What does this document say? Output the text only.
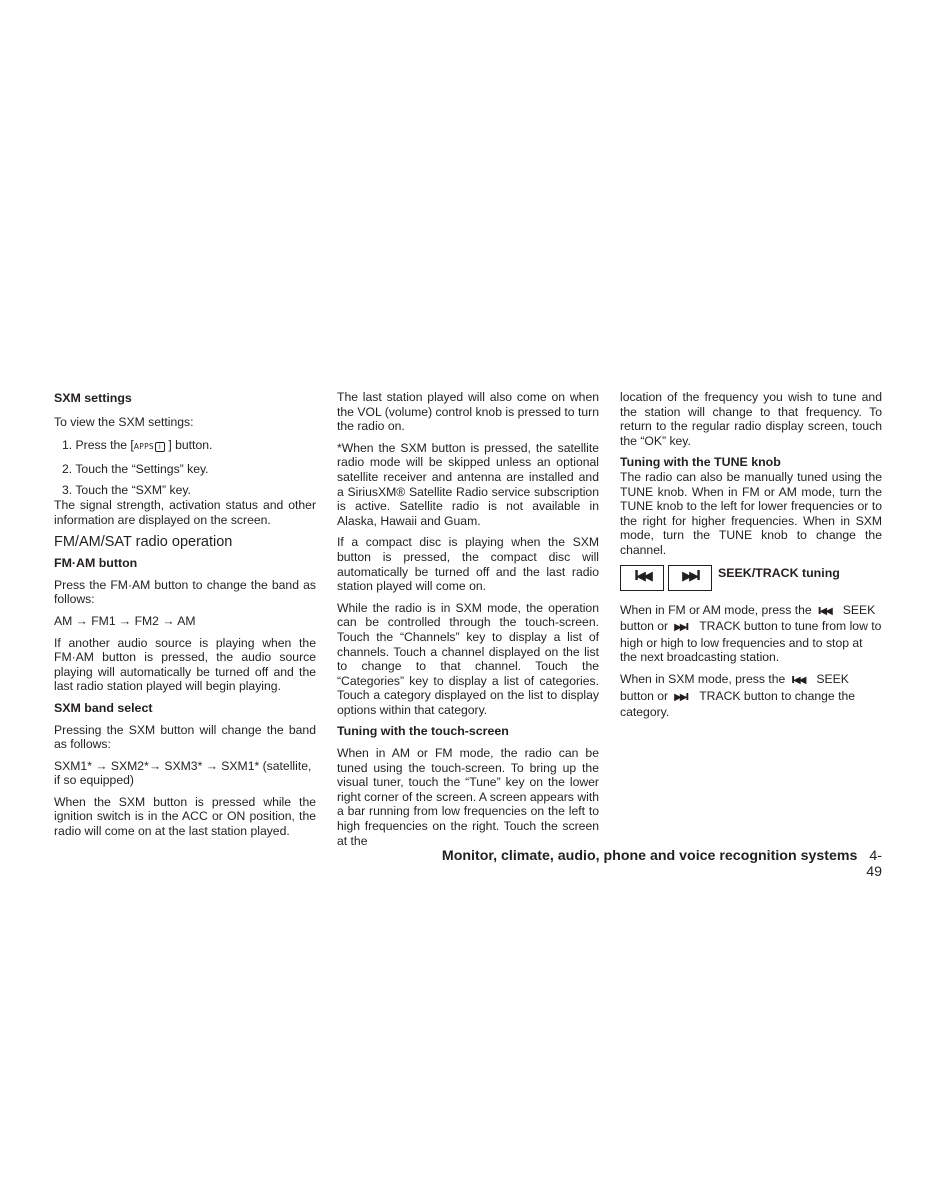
SXM settings

To view the SXM settings:

1. Press the [APPS i ] button.

2. Touch the “Settings” key.

3. Touch the “SXM” key.

The signal strength, activation status and other information are displayed on the screen.

FM/AM/SAT radio operation

FM·AM button

Press the FM·AM button to change the band as follows:

AM → FM1 → FM2 → AM

If another audio source is playing when the FM·AM button is pressed, the audio source playing will automatically be turned off and the last radio station played will begin playing.

SXM band select

Pressing the SXM button will change the band as follows:

SXM1* → SXM2*→ SXM3* → SXM1* (satellite, if so equipped)

When the SXM button is pressed while the ignition switch is in the ACC or ON position, the radio will come on at the last station played.

The last station played will also come on when the VOL (volume) control knob is pressed to turn the radio on.

*When the SXM button is pressed, the satellite radio mode will be skipped unless an optional satellite receiver and antenna are installed and a SiriusXM® Satellite Radio service subscription is active. Satellite radio is not available in Alaska, Hawaii and Guam.

If a compact disc is playing when the SXM button is pressed, the compact disc will automatically be turned off and the last radio station played will come on.

While the radio is in SXM mode, the operation can be controlled through the touch-screen. Touch the “Channels” key to display a list of channels. Touch a channel displayed on the list to change to that channel. Touch the “Categories” key to display a list of categories. Touch a category displayed on the list to display options within that category.

Tuning with the touch-screen

When in AM or FM mode, the radio can be tuned using the touch-screen. To bring up the visual tuner, touch the “Tune” key on the lower right corner of the screen. A screen appears with a bar running from low frequencies on the left to high frequencies on the right. Touch the screen at the

location of the frequency you wish to tune and the station will change to that frequency. To return to the regular radio display screen, touch the “OK” key.

Tuning with the TUNE knob

The radio can also be manually tuned using the TUNE knob. When in FM or AM mode, turn the TUNE knob to the left for lower frequencies or to the right for higher frequencies. When in SXM mode, turn the TUNE knob to change the channel.

I◀◀ ▶▶I SEEK/TRACK tuning

When in FM or AM mode, press the I◀◀ SEEK button or ▶▶I TRACK button to tune from low to high or high to low frequencies and to stop at the next broadcasting station.

When in SXM mode, press the I◀◀ SEEK button or ▶▶I TRACK button to change the category.

Monitor, climate, audio, phone and voice recognition systems 4-49
